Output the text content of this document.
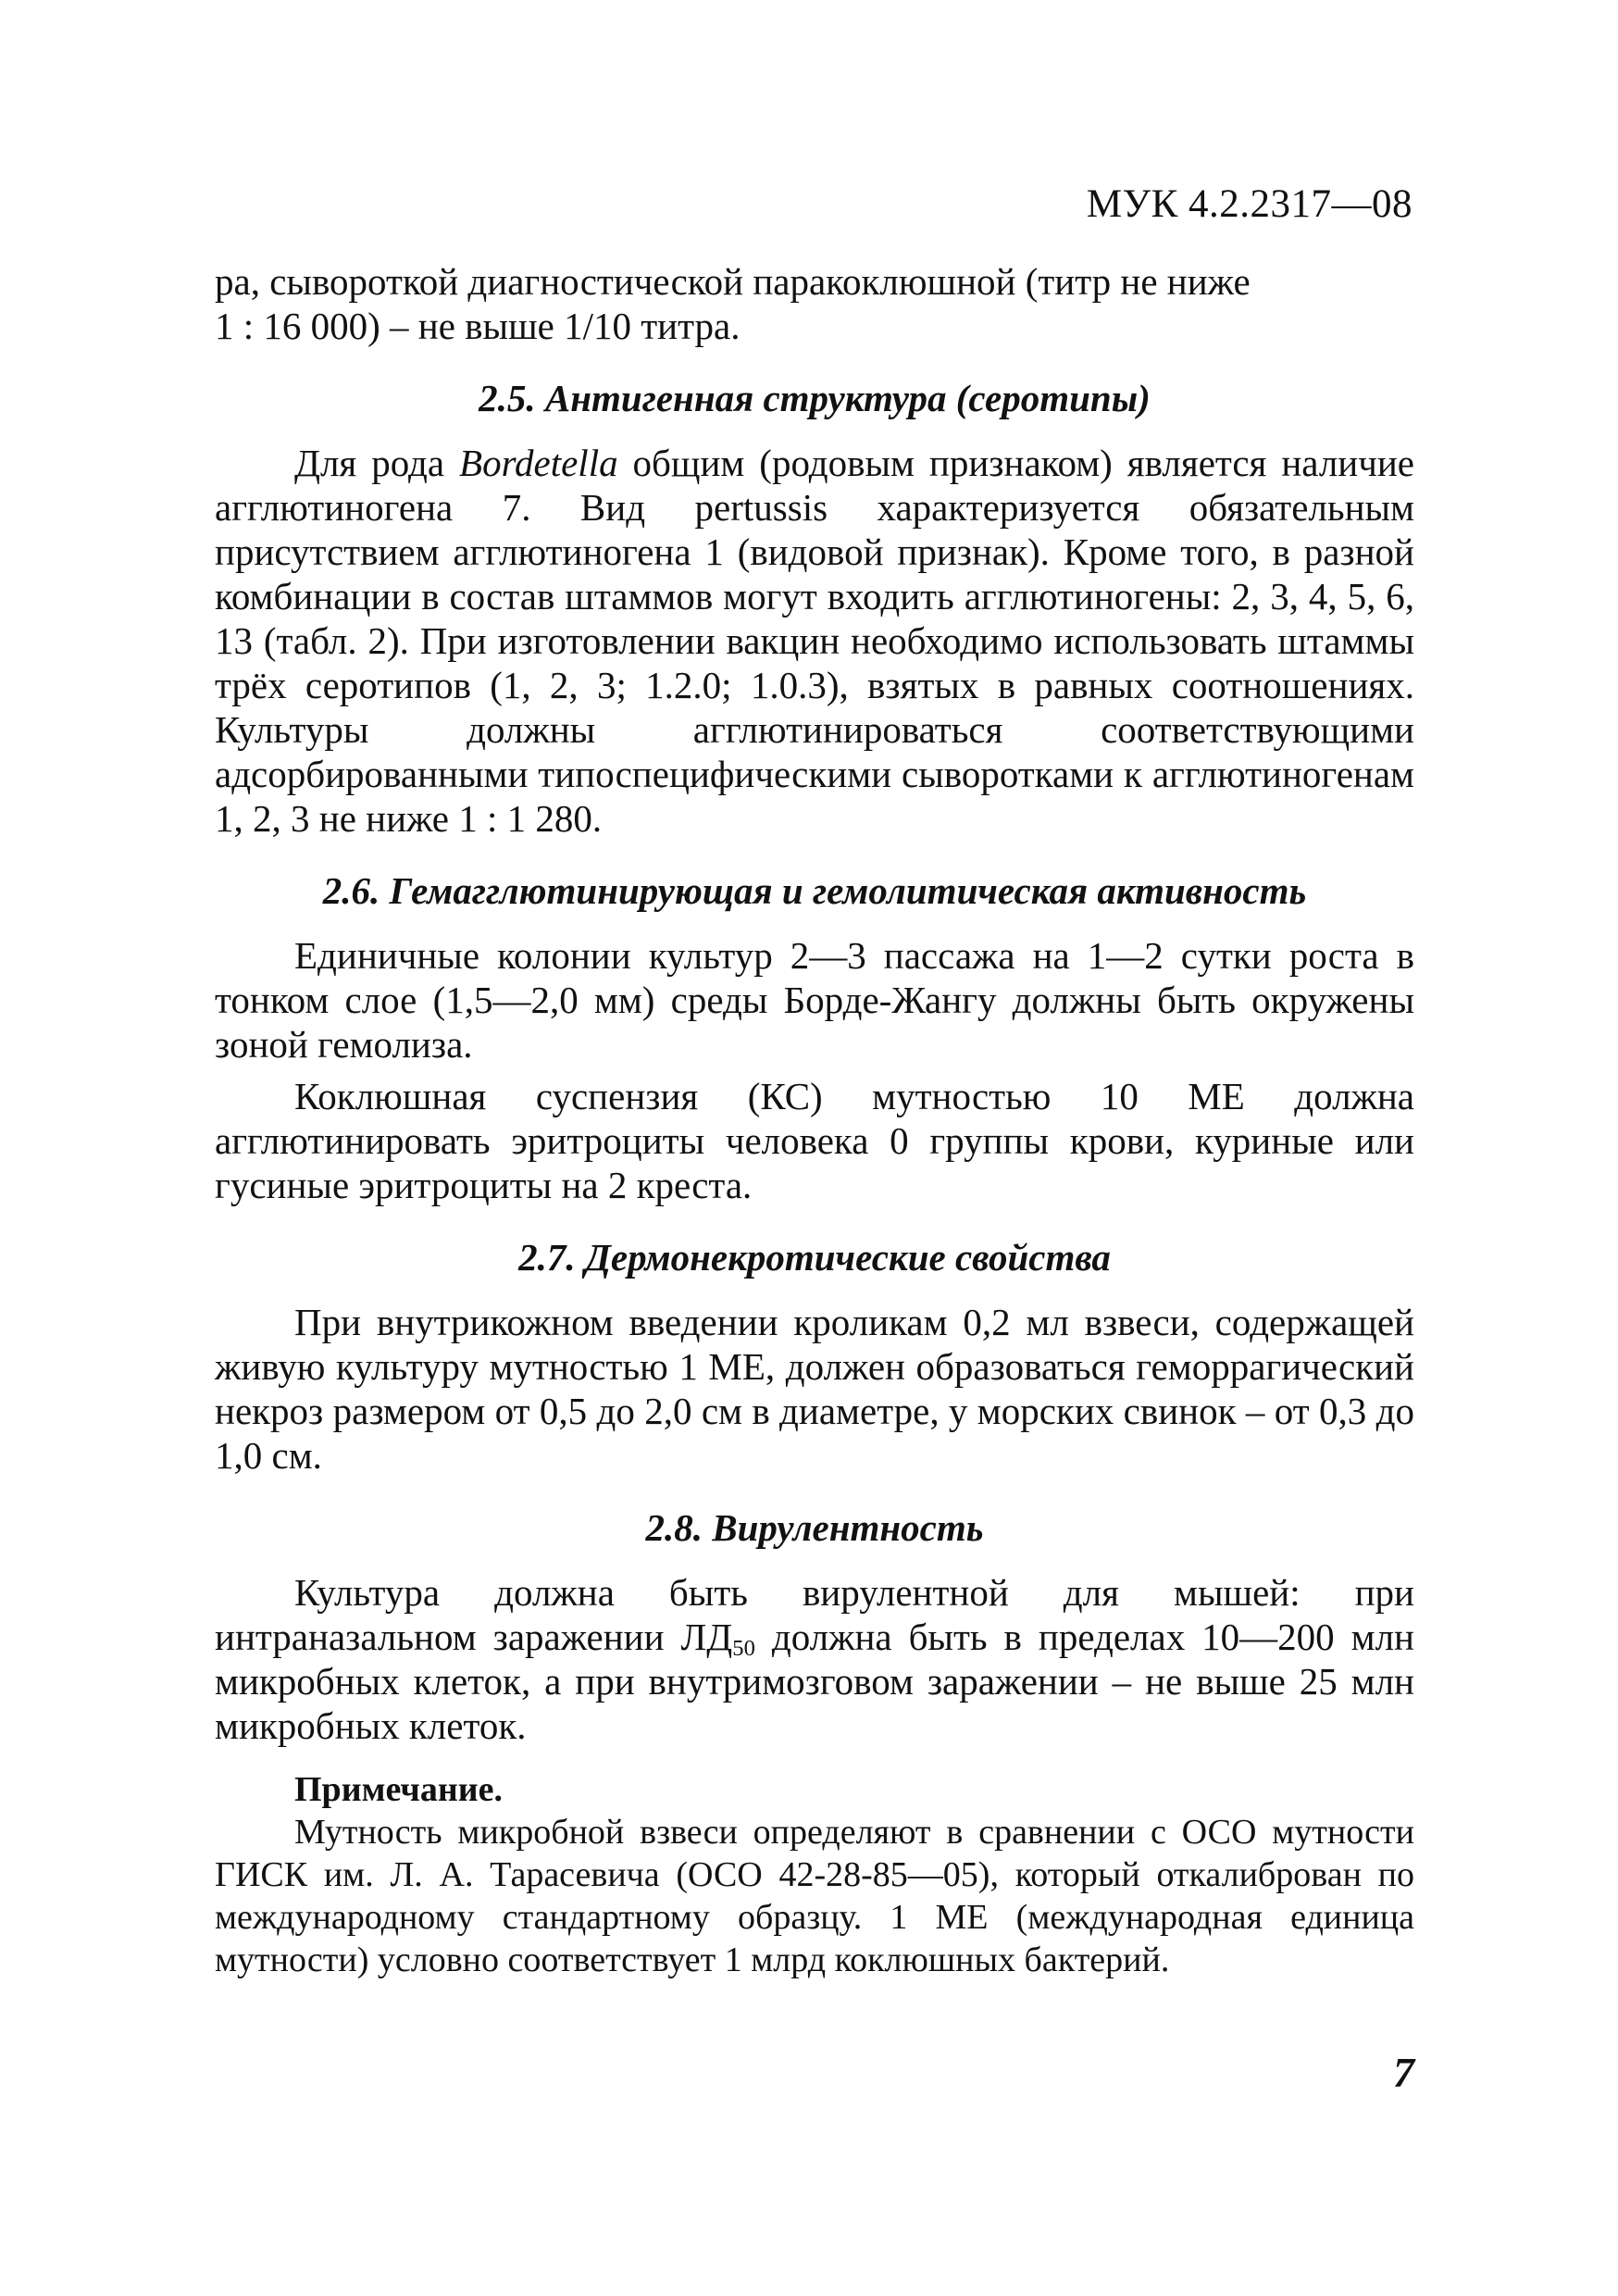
МУК 4.2.2317—08

ра, сывороткой диагностической паракоклюшной (титр не ниже
1 : 16 000) – не выше 1/10 титра.

2.5. Антигенная структура (серотипы)

Для рода Bordetella общим (родовым признаком) является наличие агглютиногена 7. Вид pertussis характеризуется обязательным присутствием агглютиногена 1 (видовой признак). Кроме того, в разной комбинации в состав штаммов могут входить агглютиногены: 2, 3, 4, 5, 6, 13 (табл. 2). При изготовлении вакцин необходимо использовать штаммы трёх серотипов (1, 2, 3; 1.2.0; 1.0.3), взятых в равных соотношениях. Культуры должны агглютинироваться соответствующими адсорбированными типоспецифическими сыворотками к агглютиногенам 1, 2, 3 не ниже 1 : 1 280.

2.6. Гемагглютинирующая и гемолитическая активность

Единичные колонии культур 2—3 пассажа на 1—2 сутки роста в тонком слое (1,5—2,0 мм) среды Борде-Жангу должны быть окружены зоной гемолиза.

Коклюшная суспензия (КС) мутностью 10 МЕ должна агглютинировать эритроциты человека 0 группы крови, куриные или гусиные эритроциты на 2 креста.

2.7. Дермонекротические свойства

При внутрикожном введении кроликам 0,2 мл взвеси, содержащей живую культуру мутностью 1 МЕ, должен образоваться геморрагический некроз размером от 0,5 до 2,0 см в диаметре, у морских свинок – от 0,3 до 1,0 см.

2.8. Вирулентность

Культура должна быть вирулентной для мышей: при интраназальном заражении $ЛД_{50}$ должна быть в пределах 10—200 млн микробных клеток, а при внутримозговом заражении – не выше 25 млн микробных клеток.

Примечание.

Мутность микробной взвеси определяют в сравнении с ОСО мутности ГИСК им. Л. А. Тарасевича (ОСО 42-28-85—05), который откалиброван по международному стандартному образцу. 1 МЕ (международная единица мутности) условно соответствует 1 млрд коклюшных бактерий.

7
